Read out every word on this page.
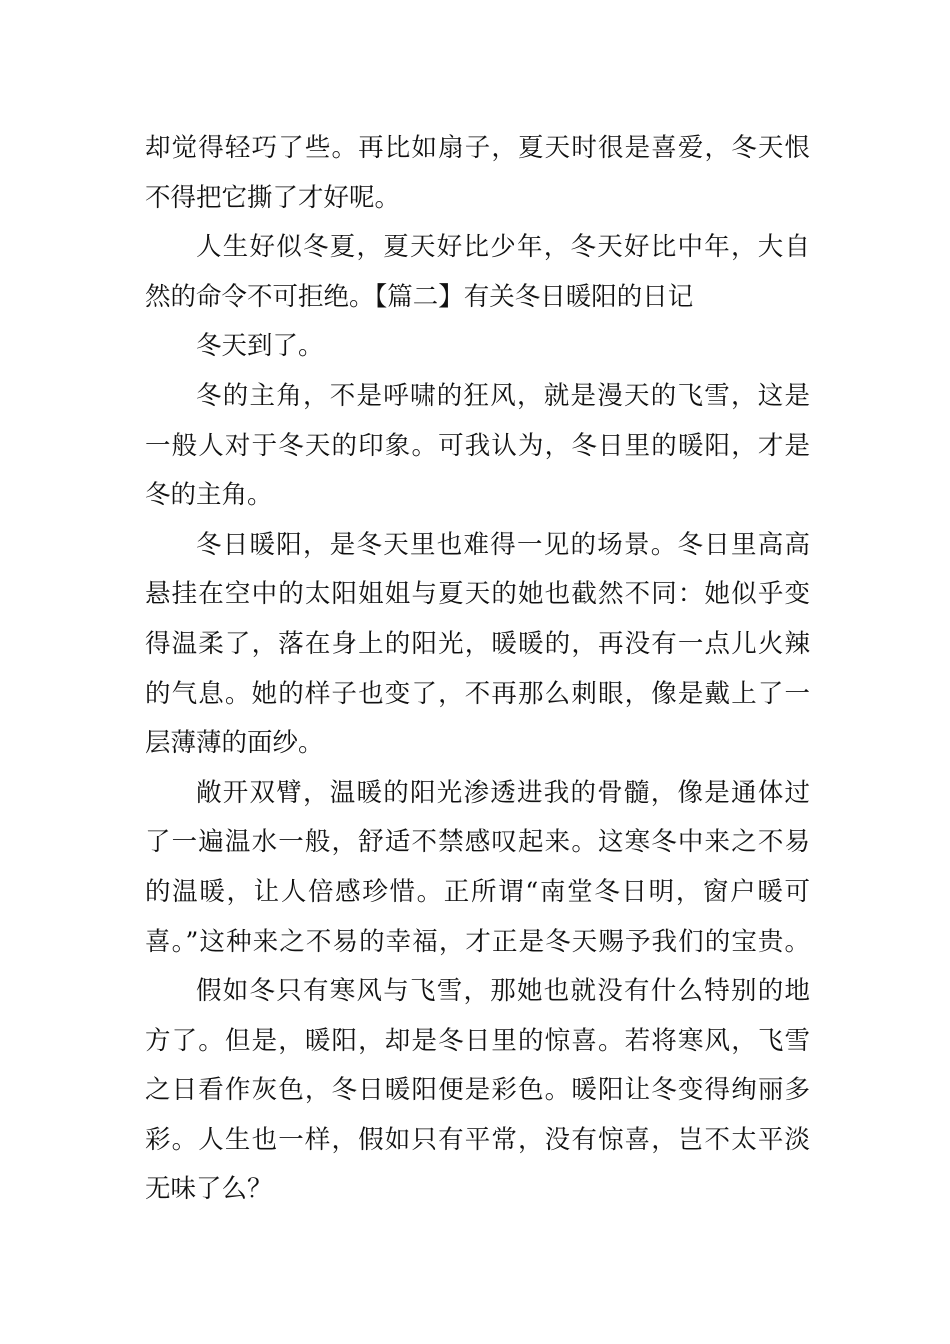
却觉得轻巧了些。再比如扇子，夏天时很是喜爱，冬天恨
不得把它撕了才好呢。
人生好似冬夏，夏天好比少年，冬天好比中年，大自
然的命令不可拒绝。【篇二】有关冬日暖阳的日记
冬天到了。
冬的主角，不是呼啸的狂风，就是漫天的飞雪，这是
一般人对于冬天的印象。可我认为，冬日里的暖阳，才是
冬的主角。
冬日暖阳，是冬天里也难得一见的场景。冬日里高高
悬挂在空中的太阳姐姐与夏天的她也截然不同：她似乎变
得温柔了，落在身上的阳光，暖暖的，再没有一点儿火辣
的气息。她的样子也变了，不再那么刺眼，像是戴上了一
层薄薄的面纱。
敞开双臂，温暖的阳光渗透进我的骨髓，像是通体过
了一遍温水一般，舒适不禁感叹起来。这寒冬中来之不易
的温暖，让人倍感珍惜。正所谓“南堂冬日明，窗户暖可
喜。”这种来之不易的幸福，才正是冬天赐予我们的宝贵。
假如冬只有寒风与飞雪，那她也就没有什么特别的地
方了。但是，暖阳，却是冬日里的惊喜。若将寒风，飞雪
之日看作灰色，冬日暖阳便是彩色。暖阳让冬变得绚丽多
彩。人生也一样，假如只有平常，没有惊喜，岂不太平淡
无味了么？
